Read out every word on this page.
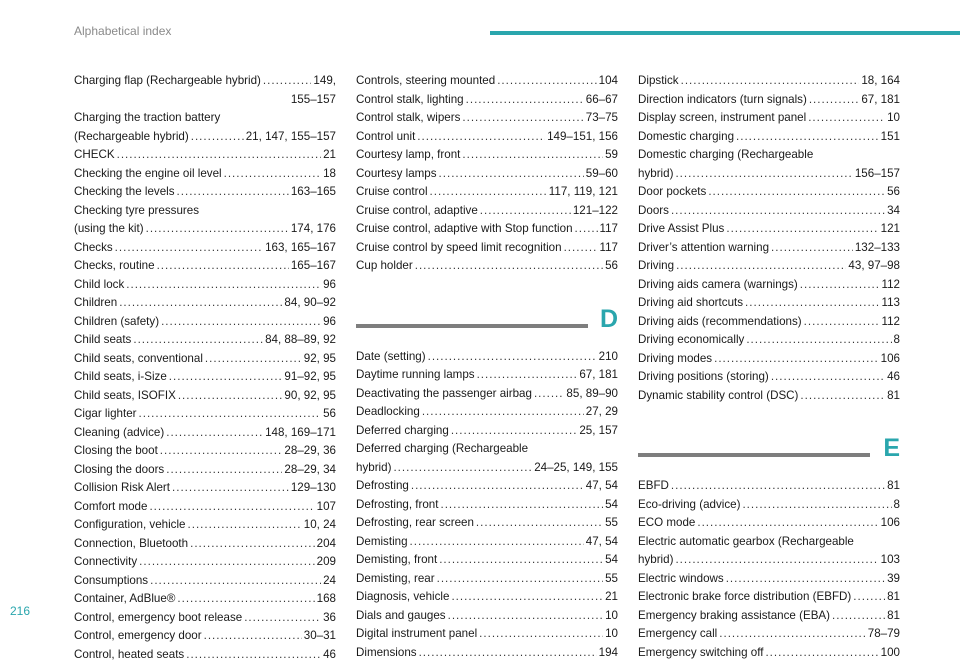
Alphabetical index
Charging flap (Rechargeable hybrid) .....	149,
155–157
Charging the traction battery
(Rechargeable hybrid) .....	21, 147, 155–157
CHECK .....	21
Checking the engine oil level .....	18
Checking the levels .....	163–165
Checking tyre pressures
(using the kit) .....	174, 176
Checks .....	163, 165–167
Checks, routine .....	165–167
Child lock .....	96
Children .....	84, 90–92
Children (safety) .....	96
Child seats .....	84, 88–89, 92
Child seats, conventional .....	92, 95
Child seats, i-Size .....	91–92, 95
Child seats, ISOFIX .....	90, 92, 95
Cigar lighter .....	56
Cleaning (advice) .....	148, 169–171
Closing the boot .....	28–29, 36
Closing the doors .....	28–29, 34
Collision Risk Alert .....	129–130
Comfort mode .....	107
Configuration, vehicle .....	10, 24
Connection, Bluetooth .....	204
Connectivity .....	209
Consumptions .....	24
Container, AdBlue® .....	168
Control, emergency boot release .....	36
Control, emergency door .....	30–31
Control, heated seats .....	46
Controls, steering mounted .....	104
Control stalk, lighting .....	66–67
Control stalk, wipers .....	73–75
Control unit .....	149–151, 156
Courtesy lamp, front .....	59
Courtesy lamps .....	59–60
Cruise control .....	117, 119, 121
Cruise control, adaptive .....	121–122
Cruise control, adaptive with Stop function ..... 117
Cruise control by speed limit recognition .....	117
Cup holder .....	56
D
Date (setting) .....	210
Daytime running lamps .....	67, 181
Deactivating the passenger airbag .....	85, 89–90
Deadlocking .....	27, 29
Deferred charging .....	25, 157
Deferred charging (Rechargeable
hybrid) .....	24–25, 149, 155
Defrosting .....	47, 54
Defrosting, front .....	54
Defrosting, rear screen .....	55
Demisting .....	47, 54
Demisting, front .....	54
Demisting, rear .....	55
Diagnosis, vehicle .....	21
Dials and gauges .....	10
Digital instrument panel .....	10
Dimensions .....	194
Dipstick .....	18, 164
Direction indicators (turn signals) .....	67, 181
Display screen, instrument panel .....	10
Domestic charging .....	151
Domestic charging (Rechargeable
hybrid) .....	156–157
Door pockets .....	56
Doors .....	34
Drive Assist Plus .....	121
Driver’s attention warning .....	132–133
Driving .....	43, 97–98
Driving aids camera (warnings) .....	112
Driving aid shortcuts .....	113
Driving aids (recommendations) .....	112
Driving economically .....	8
Driving modes .....	106
Driving positions (storing) .....	46
Dynamic stability control (DSC) .....	81
E
EBFD .....	81
Eco-driving (advice) .....	8
ECO mode .....	106
Electric automatic gearbox (Rechargeable
hybrid) .....	103
Electric windows .....	39
Electronic brake force distribution (EBFD) .....	81
Emergency braking assistance (EBA) .....	81
Emergency call .....	78–79
Emergency switching off .....	100
216
